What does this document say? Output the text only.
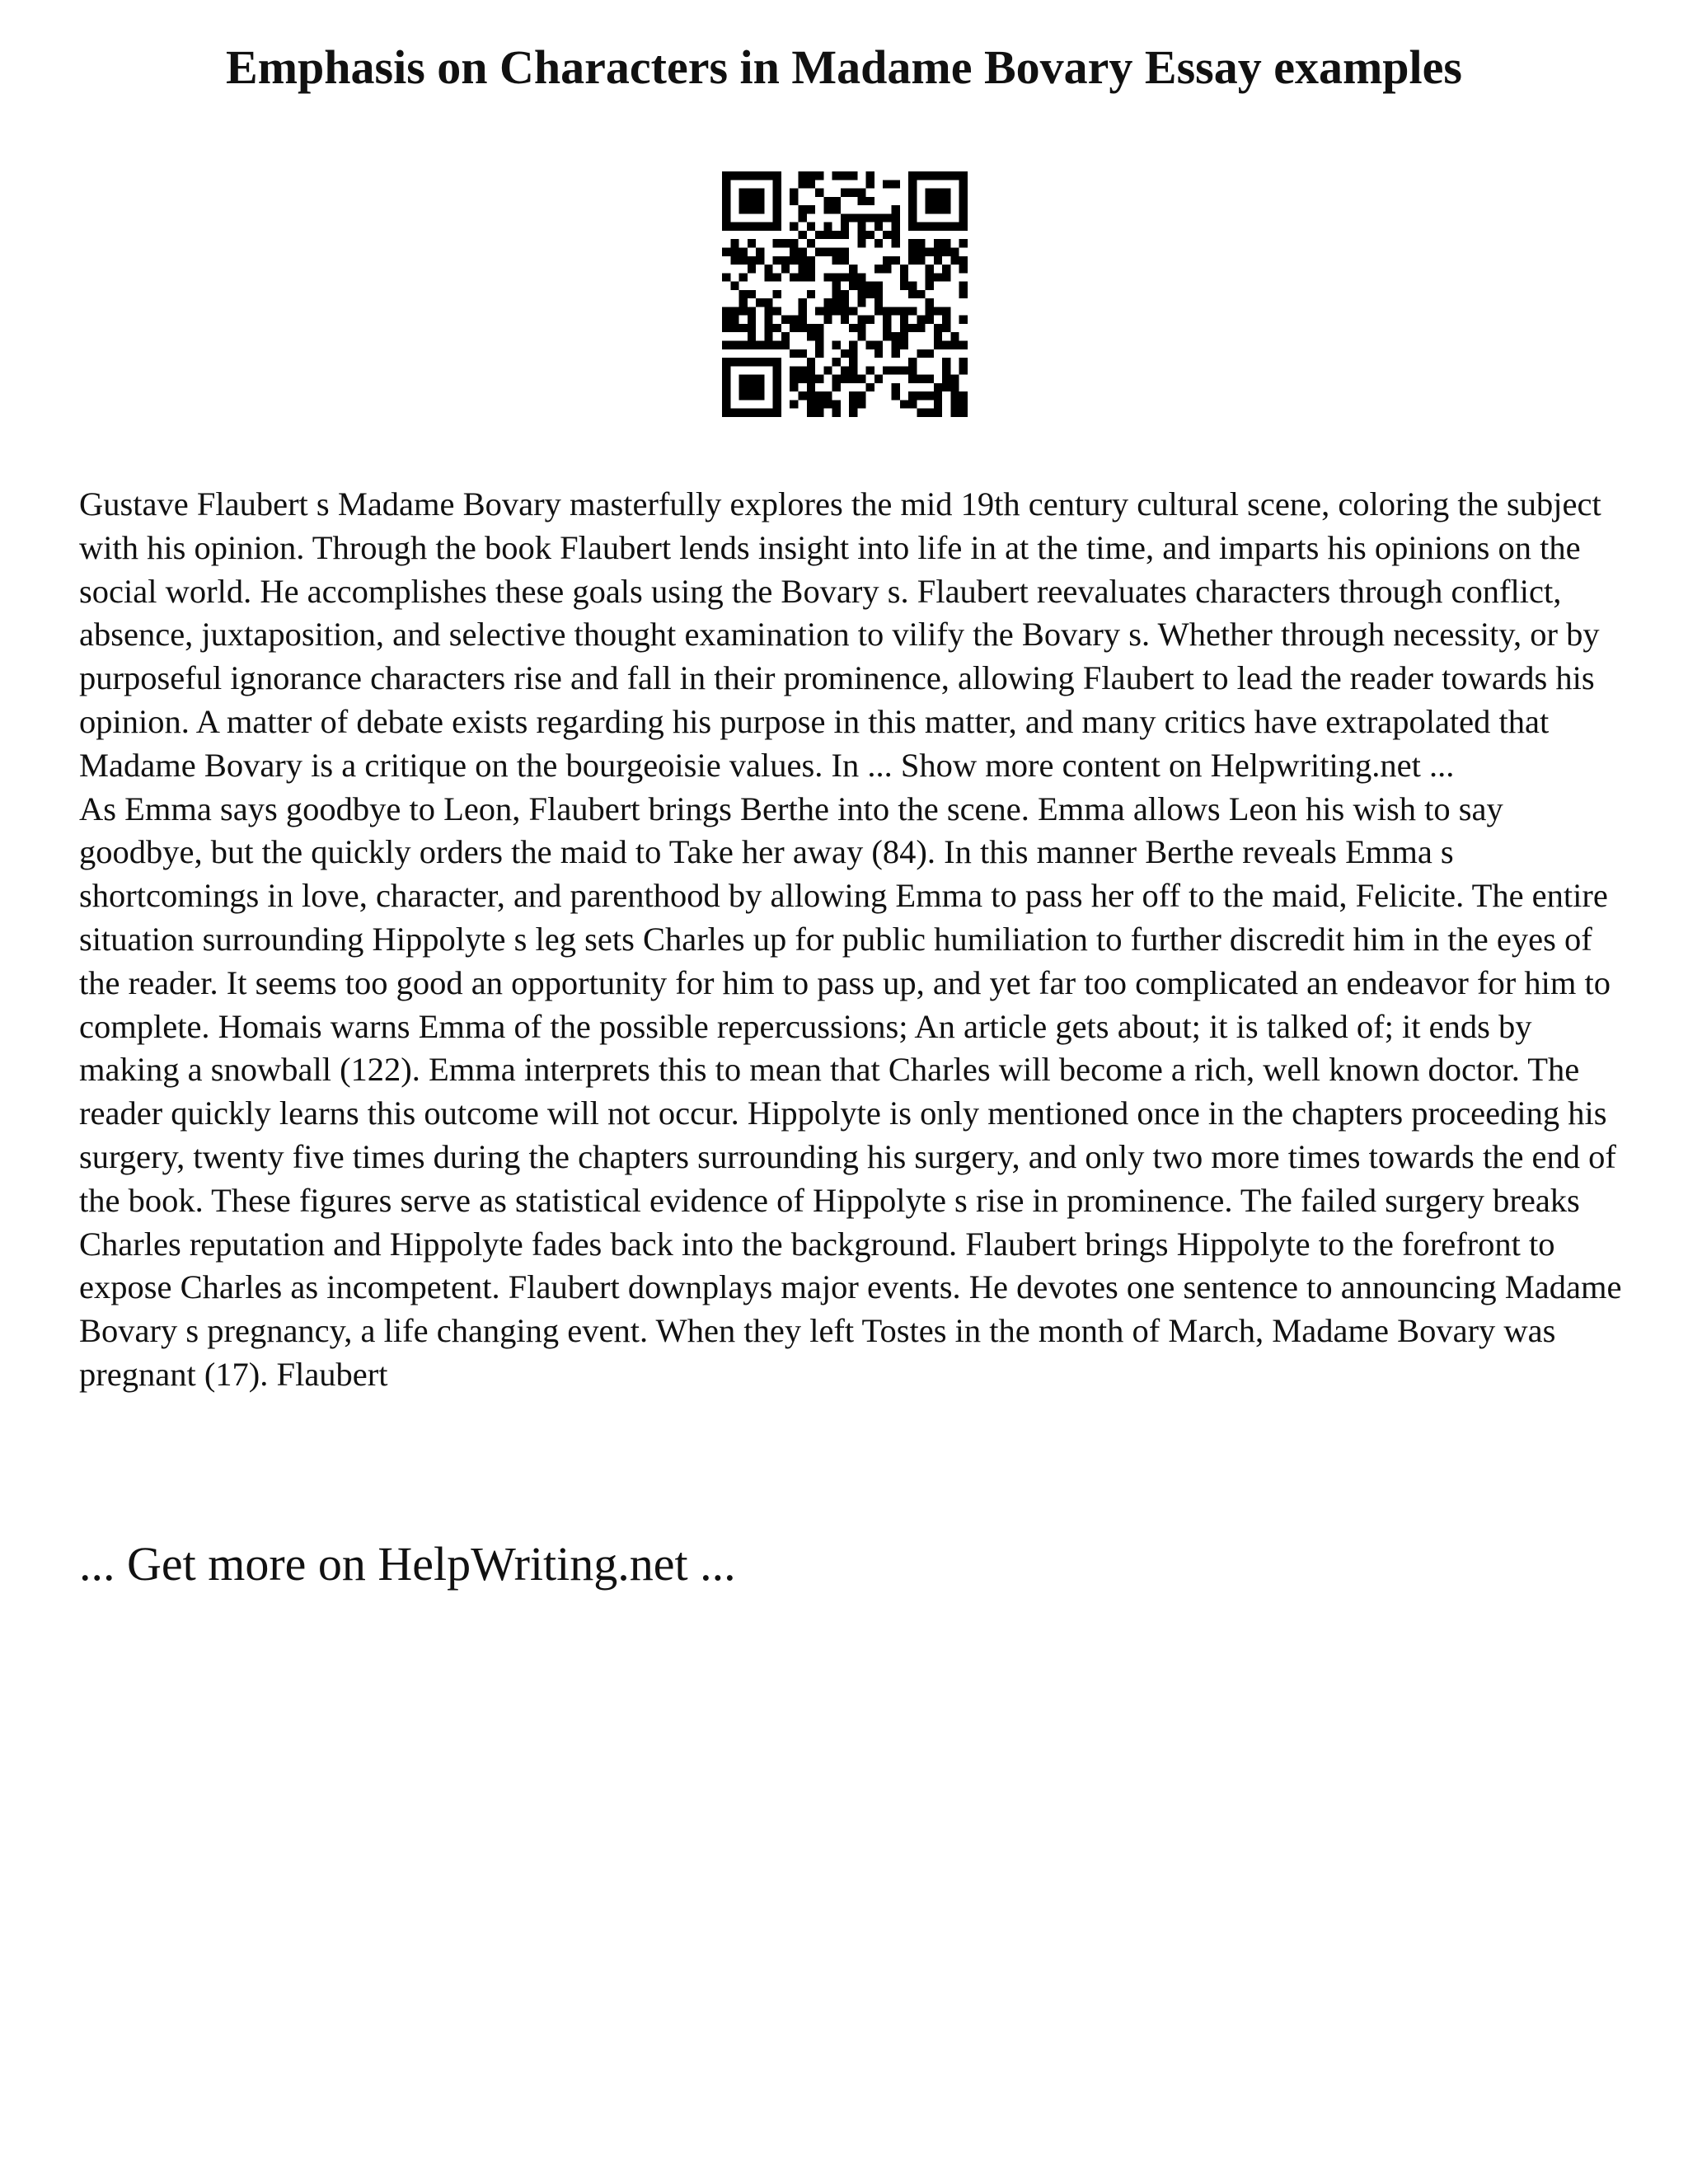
Emphasis on Characters in Madame Bovary Essay examples

Gustave Flaubert s Madame Bovary masterfully explores the mid 19th century cultural scene, coloring the subject with his opinion. Through the book Flaubert lends insight into life in at the time, and imparts his opinions on the social world. He accomplishes these goals using the Bovary s. Flaubert reevaluates characters through conflict, absence, juxtaposition, and selective thought examination to vilify the Bovary s. Whether through necessity, or by purposeful ignorance characters rise and fall in their prominence, allowing Flaubert to lead the reader towards his opinion. A matter of debate exists regarding his purpose in this matter, and many critics have extrapolated that Madame Bovary is a critique on the bourgeoisie values. In ... Show more content on Helpwriting.net ...

As Emma says goodbye to Leon, Flaubert brings Berthe into the scene. Emma allows Leon his wish to say goodbye, but the quickly orders the maid to Take her away (84). In this manner Berthe reveals Emma s shortcomings in love, character, and parenthood by allowing Emma to pass her off to the maid, Felicite. The entire situation surrounding Hippolyte s leg sets Charles up for public humiliation to further discredit him in the eyes of the reader. It seems too good an opportunity for him to pass up, and yet far too complicated an endeavor for him to complete. Homais warns Emma of the possible repercussions; An article gets about; it is talked of; it ends by making a snowball (122). Emma interprets this to mean that Charles will become a rich, well known doctor. The reader quickly learns this outcome will not occur. Hippolyte is only mentioned once in the chapters proceeding his surgery, twenty five times during the chapters surrounding his surgery, and only two more times towards the end of the book. These figures serve as statistical evidence of Hippolyte s rise in prominence. The failed surgery breaks Charles reputation and Hippolyte fades back into the background. Flaubert brings Hippolyte to the forefront to expose Charles as incompetent. Flaubert downplays major events. He devotes one sentence to announcing Madame Bovary s pregnancy, a life changing event. When they left Tostes in the month of March, Madame Bovary was pregnant (17). Flaubert

... Get more on HelpWriting.net ...
